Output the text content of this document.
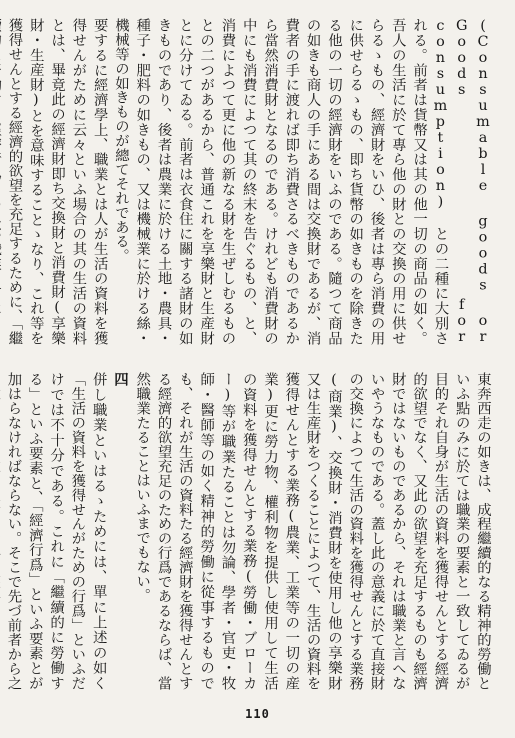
(Consumable goods or Goods for consumption) との二種に大別される。前者は貨幣又は其の他一切の商品の如く。吾人の生活に於て專ら他の財との交換の用に供せらるゝもの、經濟財をいひ、後者は專ら消費の用に供せらるゝもの、即ち貨幣の如きものを除きたる他の一切の經濟財をいふのである。隨つて商品の如きも商人の手にある間は交換財であるが、消費者の手に渡れば即ち消費さるべきものであるから當然消費財となるのである。けれども消費財の中にも消費によつて其の終末を告ぐるもの、と、消費によつて更に他の新なる財を生ぜしむるものとの二つがあるから、普通これを享樂財と生産財とに分けてゐる。前者は衣食住に關する諸財の如きものであり、後者は農業に於ける土地・農具・種子・肥料の如きもの、又は機械業に於ける絲・機械等の如きものが總てそれである。

要するに經濟學上、職業とは人が生活の資料を獲得せんがために云々といふ場合の其の生活の資料とは、畢竟此の經濟財即ち交換財と消費財(享樂財・生産財)とを意味することゝなり、これ等を獲得せんとする經濟的欲望を充足するために、「繼

東奔西走の如きは、成程繼續的なる精神的勞働といふ點のみに於ては職業の要素と一致してゐるが目的それ自身が生活の資料を獲得せんとする經濟的欲望でなく、又此の欲望を充足するものも經濟財ではないものであるから、それは職業と言へないやうなものである。蓋し此の意義に於て直接財の交換によつて生活の資料を獲得せんとする業務(商業)、交換財・消費財を使用し他の享樂財又は生産財をつくることによつて、生活の資料を獲得せんとする業務(農業、工業等の一切の産業)更に勞力物、權利物を提供し使用して生活の資料を獲得せんとする業務(勞働・ブローカー)等が職業たることは勿論、學者・官吏・牧師・醫師等の如く精神的勞働に從事するものでも、それが生活の資料たる經濟財を獲得せんとする經濟的欲望充足のための行爲であるならば、當然職業たることはいふまでもない。

四

併し職業といはるゝためには、單に上述の如く「生活の資料を獲得せんがための行爲」といふだけでは不十分である。これに「繼續的に勞働する」といふ要素と、「經濟行爲」といふ要素とが加はらなければならない。そこで先づ前者から之

110
